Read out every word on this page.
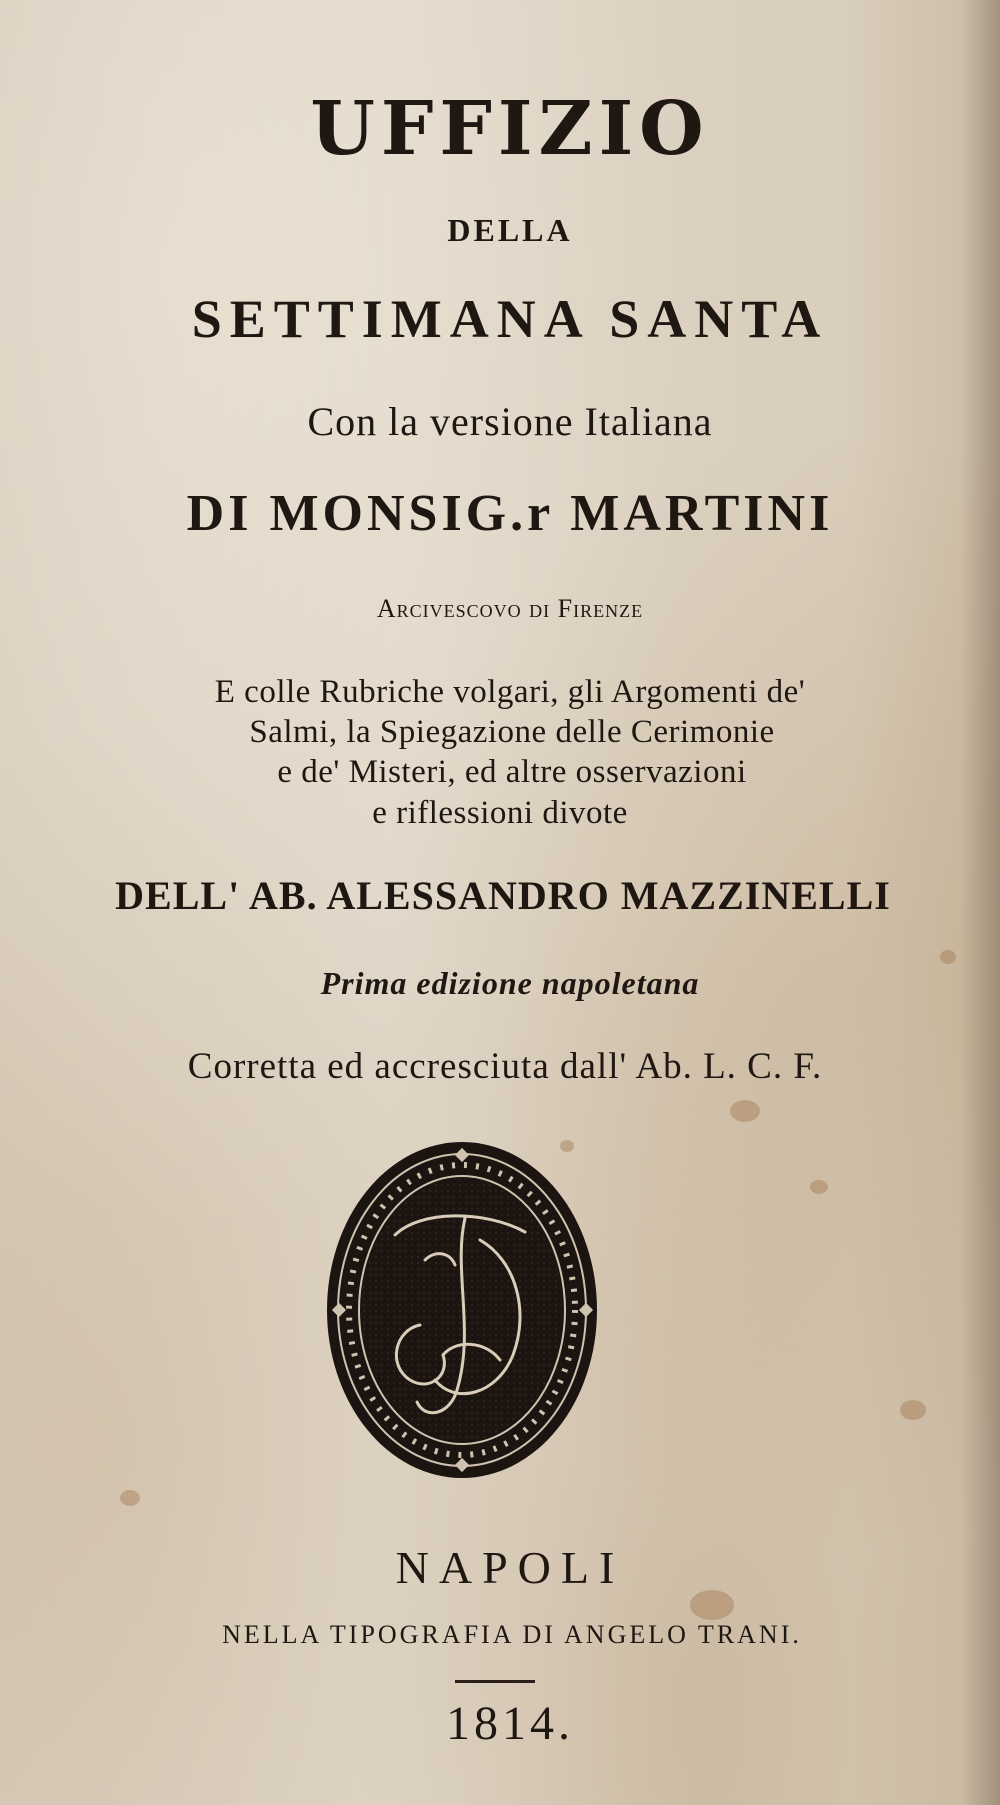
UFFIZIO
DELLA
SETTIMANA SANTA
Con la versione Italiana
DI MONSIG.r MARTINI
Arcivescovo di Firenze
E colle Rubriche volgari, gli Argomenti de'
Salmi, la Spiegazione delle Cerimonie
e de' Misteri, ed altre osservazioni
e riflessioni divote
DELL' AB. ALESSANDRO MAZZINELLI
Prima edizione napoletana
Corretta ed accresciuta dall' Ab. L. C. F.
NAPOLI
NELLA TIPOGRAFIA DI ANGELO TRANI.
1814.
